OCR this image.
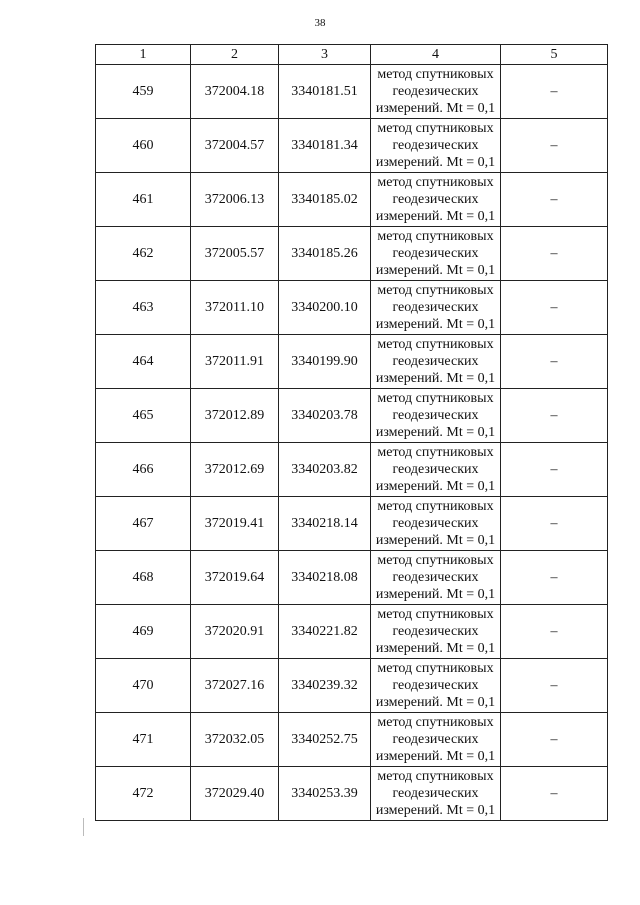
38
1	2	3	4	5
459	372004.18	3340181.51	метод спутниковых
геодезических
измерений. Mt = 0,1	–
460	372004.57	3340181.34	метод спутниковых
геодезических
измерений. Mt = 0,1	–
461	372006.13	3340185.02	метод спутниковых
геодезических
измерений. Mt = 0,1	–
462	372005.57	3340185.26	метод спутниковых
геодезических
измерений. Mt = 0,1	–
463	372011.10	3340200.10	метод спутниковых
геодезических
измерений. Mt = 0,1	–
464	372011.91	3340199.90	метод спутниковых
геодезических
измерений. Mt = 0,1	–
465	372012.89	3340203.78	метод спутниковых
геодезических
измерений. Mt = 0,1	–
466	372012.69	3340203.82	метод спутниковых
геодезических
измерений. Mt = 0,1	–
467	372019.41	3340218.14	метод спутниковых
геодезических
измерений. Mt = 0,1	–
468	372019.64	3340218.08	метод спутниковых
геодезических
измерений. Mt = 0,1	–
469	372020.91	3340221.82	метод спутниковых
геодезических
измерений. Mt = 0,1	–
470	372027.16	3340239.32	метод спутниковых
геодезических
измерений. Mt = 0,1	–
471	372032.05	3340252.75	метод спутниковых
геодезических
измерений. Mt = 0,1	–
472	372029.40	3340253.39	метод спутниковых
геодезических
измерений. Mt = 0,1	–
